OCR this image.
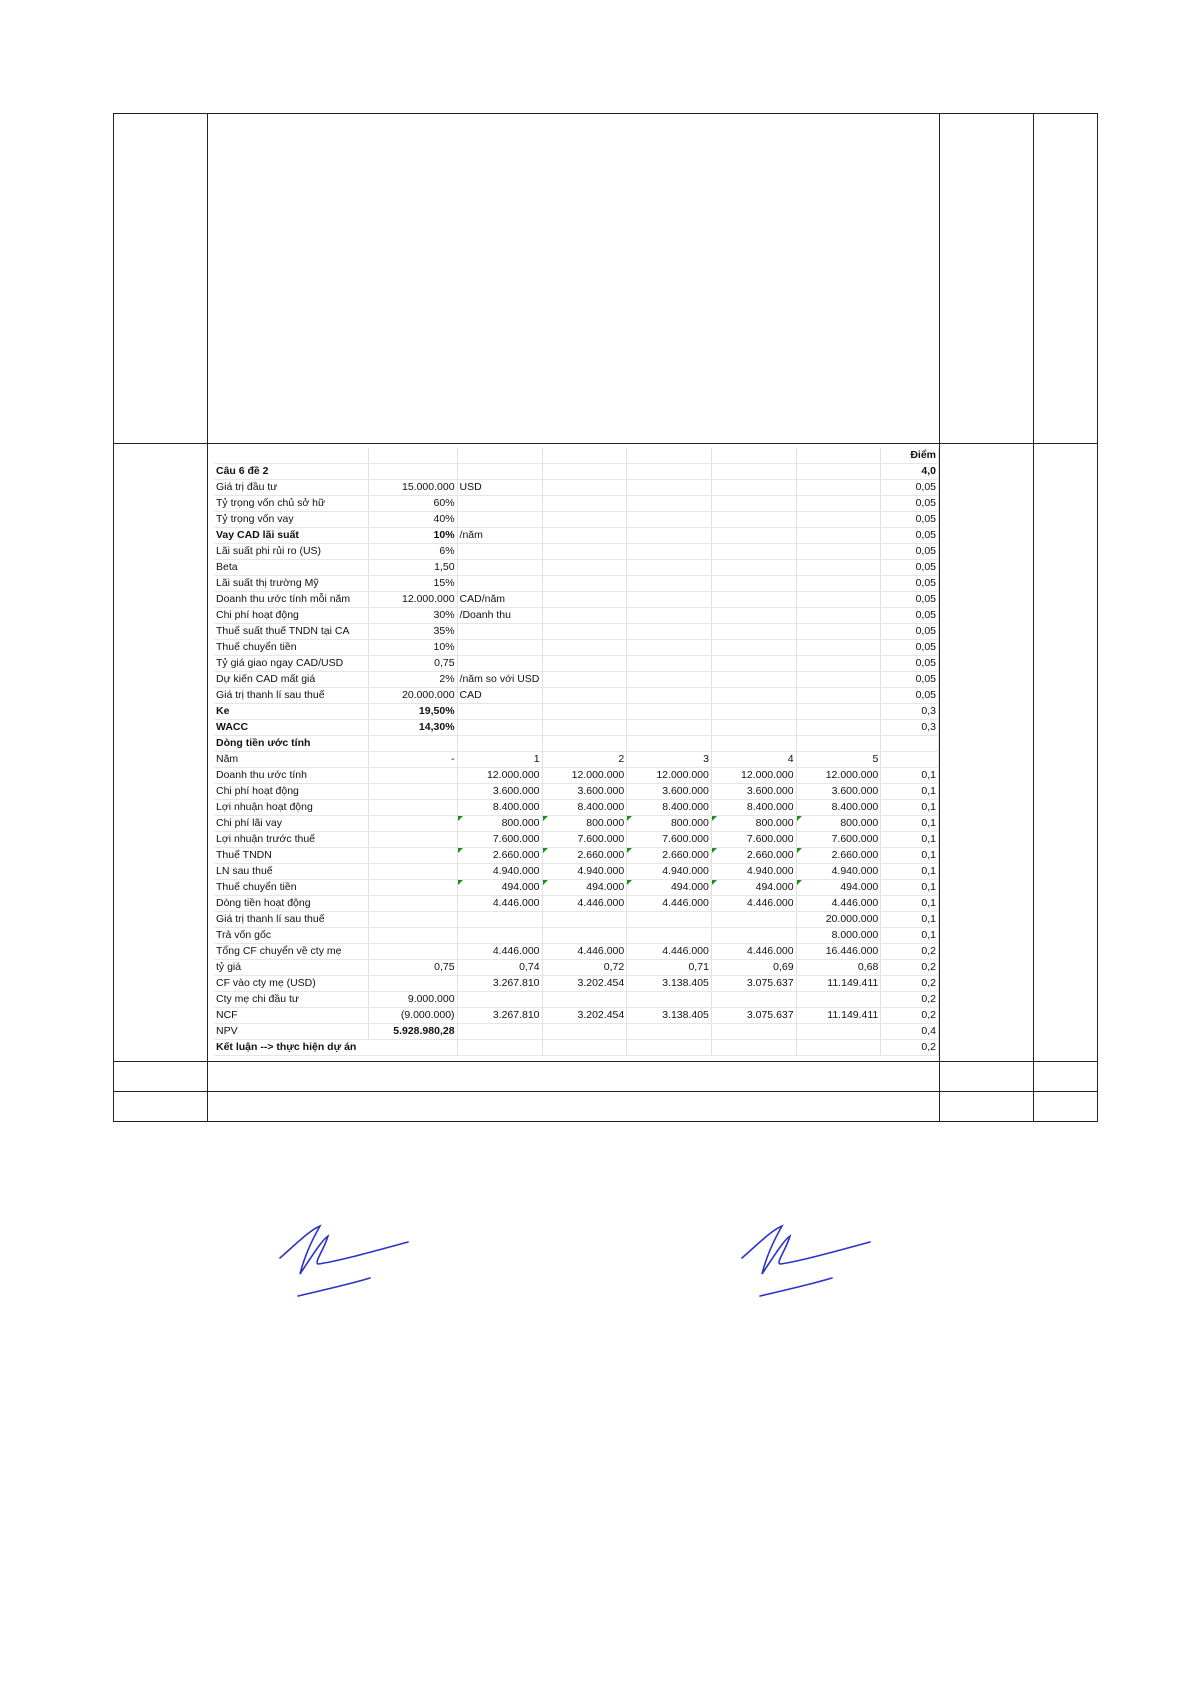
							Điểm
Câu 6 đề 2							4,0
Giá trị đầu tư	15.000.000	USD					0,05
Tỷ trọng vốn chủ sở hữ	60%						0,05
Tỷ trọng vốn vay	40%						0,05
Vay CAD lãi suất	10%	/năm					0,05
Lãi suất phi rủi ro (US)	6%						0,05
Beta	1,50						0,05
Lãi suất thị trường Mỹ	15%						0,05
Doanh thu ước tính mỗi năm	12.000.000	CAD/năm					0,05
Chi phí hoạt động	30%	/Doanh thu					0,05
Thuế suất thuế TNDN tại CA	35%						0,05
Thuế chuyển tiền	10%						0,05
Tỷ giá giao ngay CAD/USD	0,75						0,05
Dự kiến CAD mất giá	2%	/năm so với USD					0,05
Giá trị thanh lí sau thuế	20.000.000	CAD					0,05
Ke	19,50%						0,3
WACC	14,30%						0,3
Dòng tiền ước tính							
Năm	-	1	2	3	4	5	
Doanh thu ước tính		12.000.000	12.000.000	12.000.000	12.000.000	12.000.000	0,1
Chi phí hoạt động		3.600.000	3.600.000	3.600.000	3.600.000	3.600.000	0,1
Lợi nhuận hoạt động		8.400.000	8.400.000	8.400.000	8.400.000	8.400.000	0,1
Chi phí lãi vay		800.000	800.000	800.000	800.000	800.000	0,1
Lợi nhuận trước thuế		7.600.000	7.600.000	7.600.000	7.600.000	7.600.000	0,1
Thuế TNDN		2.660.000	2.660.000	2.660.000	2.660.000	2.660.000	0,1
LN sau thuế		4.940.000	4.940.000	4.940.000	4.940.000	4.940.000	0,1
Thuế chuyển tiền		494.000	494.000	494.000	494.000	494.000	0,1
Dòng tiền hoạt động		4.446.000	4.446.000	4.446.000	4.446.000	4.446.000	0,1
Giá trị thanh lí sau thuế						20.000.000	0,1
Trả vốn gốc						8.000.000	0,1
Tổng CF chuyển về cty mẹ		4.446.000	4.446.000	4.446.000	4.446.000	16.446.000	0,2
tỷ giá	0,75	0,74	0,72	0,71	0,69	0,68	0,2
CF vào cty mẹ (USD)		3.267.810	3.202.454	3.138.405	3.075.637	11.149.411	0,2
Cty mẹ chi đầu tư	9.000.000						0,2
NCF	(9.000.000)	3.267.810	3.202.454	3.138.405	3.075.637	11.149.411	0,2
NPV	5.928.980,28						0,4
Kết luận --> thực hiện dự án						0,2
